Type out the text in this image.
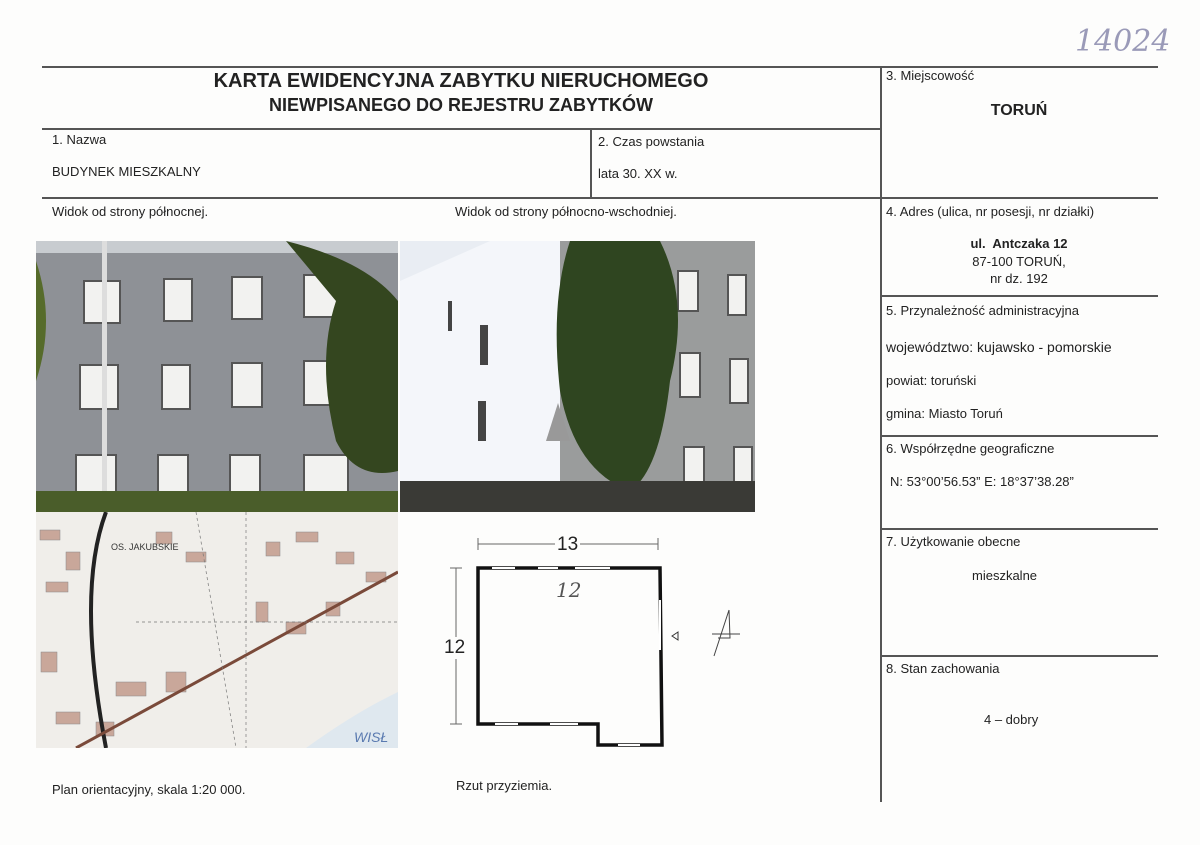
14024
KARTA EWIDENCYJNA ZABYTKU NIERUCHOMEGO
NIEWPISANEGO DO REJESTRU ZABYTKÓW
1. Nazwa
BUDYNEK MIESZKALNY
2. Czas powstania
lata 30. XX w.
3. Miejscowość
TORUŃ
4. Adres (ulica, nr posesji, nr działki)
ul.  Antczaka 12
87-100 TORUŃ,
nr dz. 192
5. Przynależność administracyjna
województwo: kujawsko - pomorskie
powiat: toruński
gmina: Miasto Toruń
6. Współrzędne geograficzne
N: 53°00’56.53” E: 18°37’38.28”
7. Użytkowanie obecne
mieszkalne
8. Stan zachowania
4 – dobry
Widok od strony północnej.	Widok od strony północno-wschodniej.
OS. JAKUBSKIE
WISŁ
Plan orientacyjny, skala 1:20 000.
13
12
12
Rzut przyziemia.
